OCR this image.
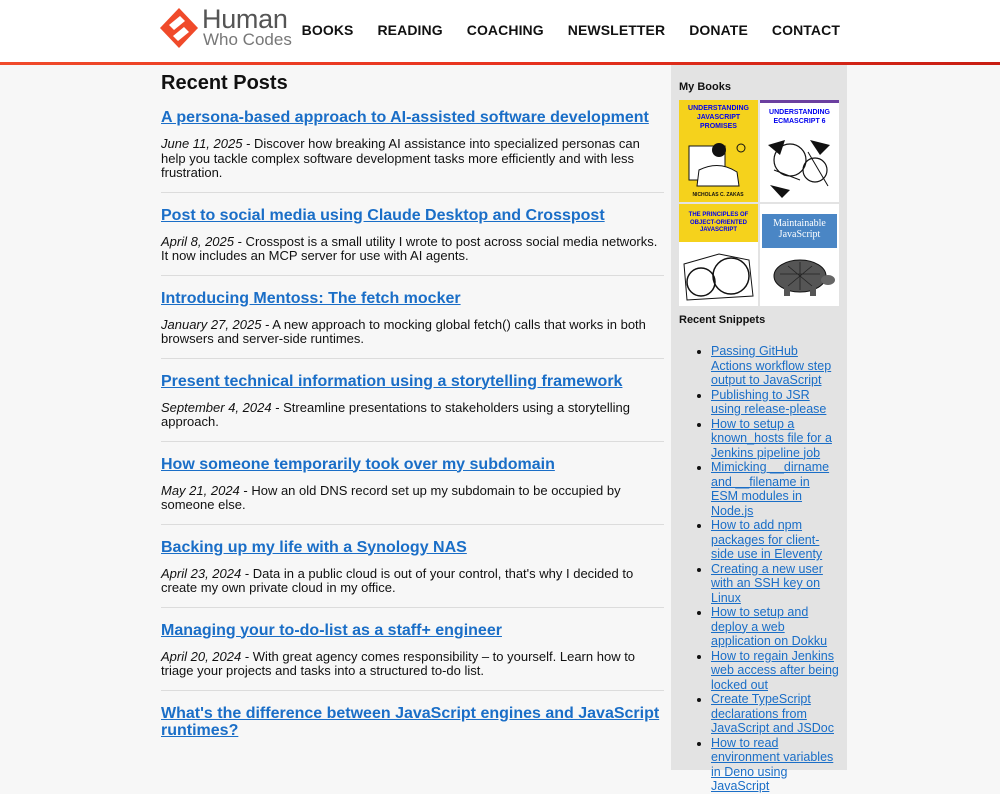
Human
Who Codes BOOKS READING COACHING NEWSLETTER DONATE CONTACT
Recent Posts
A persona-based approach to AI-assisted software development

June 11, 2025 - Discover how breaking AI assistance into specialized personas can help you tackle complex software development tasks more efficiently and with less frustration.

Post to social media using Claude Desktop and Crosspost

April 8, 2025 - Crosspost is a small utility I wrote to post across social media networks. It now includes an MCP server for use with AI agents.

Introducing Mentoss: The fetch mocker

January 27, 2025 - A new approach to mocking global fetch() calls that works in both browsers and server-side runtimes.

Present technical information using a storytelling framework

September 4, 2024 - Streamline presentations to stakeholders using a storytelling approach.

How someone temporarily took over my subdomain

May 21, 2024 - How an old DNS record set up my subdomain to be occupied by someone else.

Backing up my life with a Synology NAS

April 23, 2024 - Data in a public cloud is out of your control, that's why I decided to create my own private cloud in my office.

Managing your to-do-list as a staff+ engineer

April 20, 2024 - With great agency comes responsibility – to yourself. Learn how to triage your projects and tasks into a structured to-do list.

What's the difference between JavaScript engines and JavaScript runtimes?
My Books
NICHOLAS C. ZAKAS
UNDERSTANDING JAVASCRIPT PROMISES
UNDERSTANDING ECMASCRIPT 6
THE PRINCIPLES OF OBJECT-ORIENTED JAVASCRIPT
Maintainable JavaScript
Recent Snippets
• Passing GitHub Actions workflow step output to JavaScript
• Publishing to JSR using release-please
• How to setup a known_hosts file for a Jenkins pipeline job
• Mimicking __dirname and __filename in ESM modules in Node.js
• How to add npm packages for client-side use in Eleventy
• Creating a new user with an SSH key on Linux
• How to setup and deploy a web application on Dokku
• How to regain Jenkins web access after being locked out
• Create TypeScript declarations from JavaScript and JSDoc
• How to read environment variables in Deno using JavaScript
